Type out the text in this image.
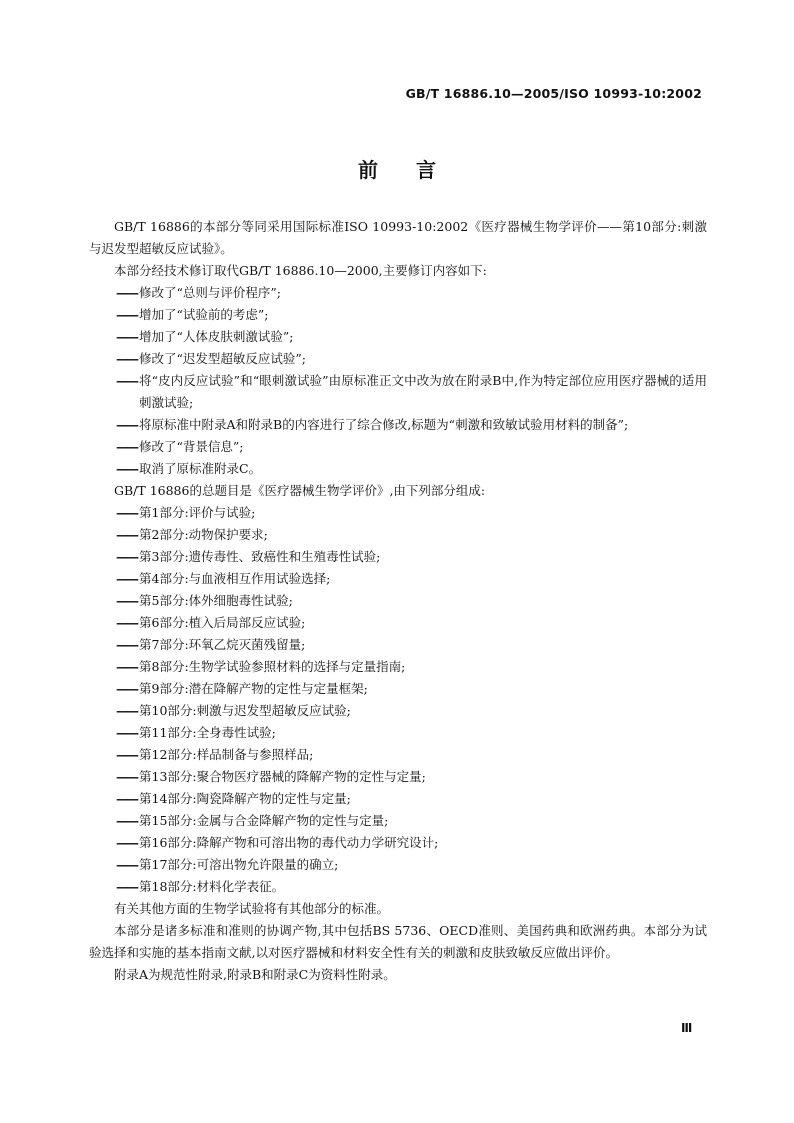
GB/T 16886.10—2005/ISO 10993-10:2002
前言

GB/T 16886的本部分等同采用国际标准ISO 10993-10:2002《医疗器械生物学评价——第10部分:刺激与迟发型超敏反应试验》。

本部分经技术修订取代GB/T 16886.10—2000,主要修订内容如下:

—— 修改了“总则与评价程序”;
—— 增加了“试验前的考虑”;
—— 增加了“人体皮肤刺激试验”;
—— 修改了“迟发型超敏反应试验”;
—— 将“皮内反应试验”和“眼刺激试验”由原标准正文中改为放在附录B中,作为特定部位应用医疗器械的适用刺激试验;
—— 将原标准中附录A和附录B的内容进行了综合修改,标题为“刺激和致敏试验用材料的制备”;
—— 修改了“背景信息”;
—— 取消了原标准附录C。

GB/T 16886的总题目是《医疗器械生物学评价》,由下列部分组成:

—— 第1部分:评价与试验;
—— 第2部分:动物保护要求;
—— 第3部分:遗传毒性、致癌性和生殖毒性试验;
—— 第4部分:与血液相互作用试验选择;
—— 第5部分:体外细胞毒性试验;
—— 第6部分:植入后局部反应试验;
—— 第7部分:环氧乙烷灭菌残留量;
—— 第8部分:生物学试验参照材料的选择与定量指南;
—— 第9部分:潜在降解产物的定性与定量框架;
—— 第10部分:刺激与迟发型超敏反应试验;
—— 第11部分:全身毒性试验;
—— 第12部分:样品制备与参照样品;
—— 第13部分:聚合物医疗器械的降解产物的定性与定量;
—— 第14部分:陶瓷降解产物的定性与定量;
—— 第15部分:金属与合金降解产物的定性与定量;
—— 第16部分:降解产物和可溶出物的毒代动力学研究设计;
—— 第17部分:可溶出物允许限量的确立;
—— 第18部分:材料化学表征。

有关其他方面的生物学试验将有其他部分的标准。

本部分是诸多标准和准则的协调产物,其中包括BS 5736、OECD准则、美国药典和欧洲药典。本部分为试验选择和实施的基本指南文献,以对医疗器械和材料安全性有关的刺激和皮肤致敏反应做出评价。

附录A为规范性附录,附录B和附录C为资料性附录。

Ⅲ
